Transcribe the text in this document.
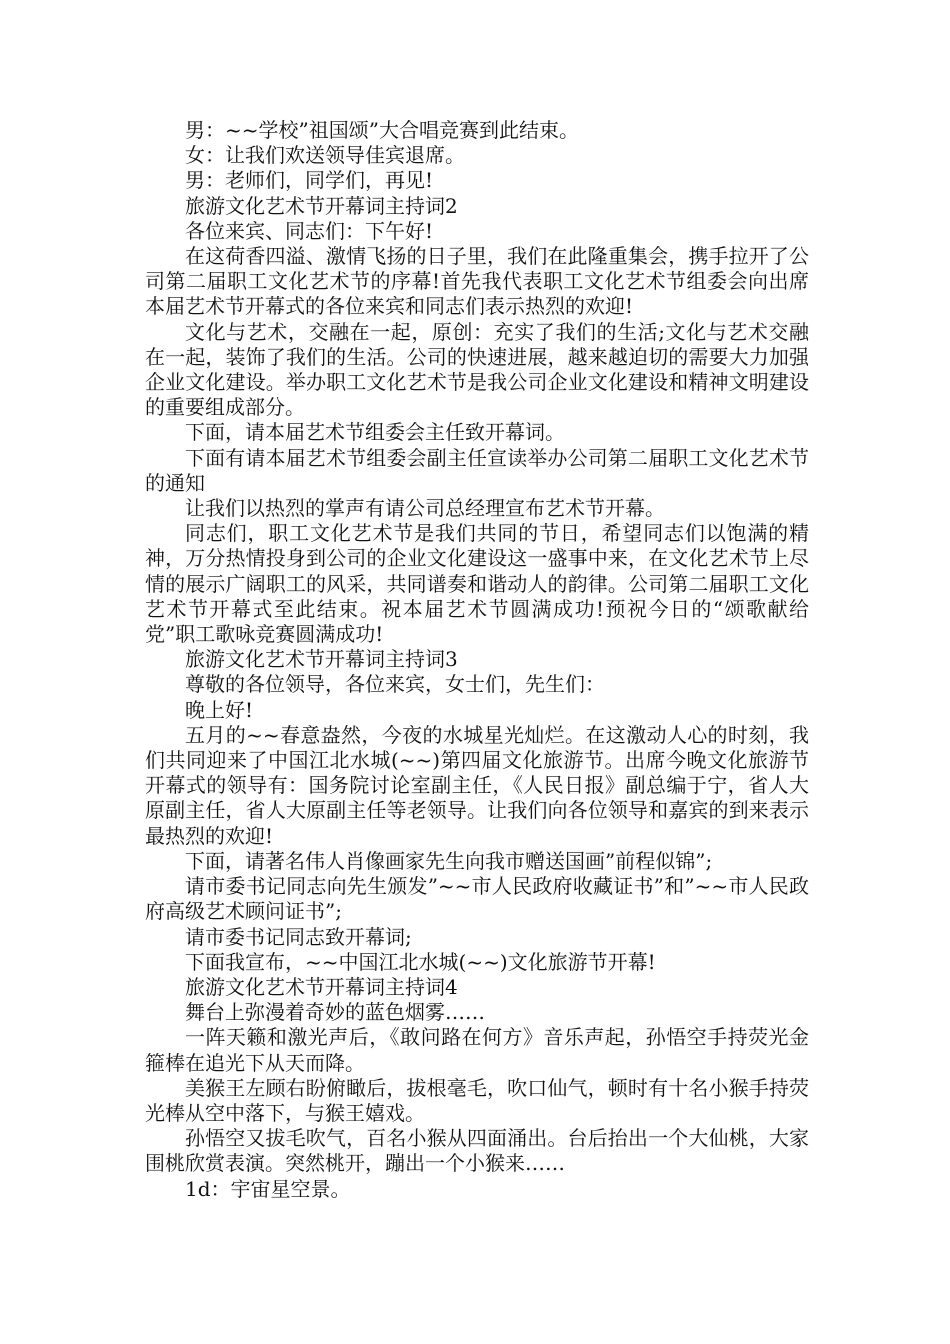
男：~~学校”祖国颂”大合唱竞赛到此结束。

女：让我们欢送领导佳宾退席。

男：老师们，同学们，再见!

旅游文化艺术节开幕词主持词2

各位来宾、同志们：下午好!

在这荷香四溢、激情飞扬的日子里，我们在此隆重集会，携手拉开了公司第二届职工文化艺术节的序幕!首先我代表职工文化艺术节组委会向出席本届艺术节开幕式的各位来宾和同志们表示热烈的欢迎!

文化与艺术，交融在一起，原创：充实了我们的生活;文化与艺术交融在一起，装饰了我们的生活。公司的快速进展，越来越迫切的需要大力加强企业文化建设。举办职工文化艺术节是我公司企业文化建设和精神文明建设的重要组成部分。

下面，请本届艺术节组委会主任致开幕词。

下面有请本届艺术节组委会副主任宣读举办公司第二届职工文化艺术节的通知

让我们以热烈的掌声有请公司总经理宣布艺术节开幕。

同志们，职工文化艺术节是我们共同的节日，希望同志们以饱满的精神，万分热情投身到公司的企业文化建设这一盛事中来，在文化艺术节上尽情的展示广阔职工的风采，共同谱奏和谐动人的韵律。公司第二届职工文化艺术节开幕式至此结束。祝本届艺术节圆满成功!预祝今日的“颂歌献给党”职工歌咏竞赛圆满成功!

旅游文化艺术节开幕词主持词3

尊敬的各位领导，各位来宾，女士们，先生们：

晚上好!

五月的~~春意盎然，今夜的水城星光灿烂。在这激动人心的时刻，我们共同迎来了中国江北水城(~~)第四届文化旅游节。出席今晚文化旅游节开幕式的领导有：国务院讨论室副主任，《人民日报》副总编于宁，省人大原副主任，省人大原副主任等老领导。让我们向各位领导和嘉宾的到来表示最热烈的欢迎!

下面，请著名伟人肖像画家先生向我市赠送国画”前程似锦”;

请市委书记同志向先生颁发”~~市人民政府收藏证书”和”~~市人民政府高级艺术顾问证书”;

请市委书记同志致开幕词;

下面我宣布，~~中国江北水城(~~)文化旅游节开幕!

旅游文化艺术节开幕词主持词4

舞台上弥漫着奇妙的蓝色烟雾……

一阵天籁和激光声后，《敢问路在何方》音乐声起，孙悟空手持荧光金箍棒在追光下从天而降。

美猴王左顾右盼俯瞰后，拔根毫毛，吹口仙气，顿时有十名小猴手持荧光棒从空中落下，与猴王嬉戏。

孙悟空又拔毛吹气，百名小猴从四面涌出。台后抬出一个大仙桃，大家围桃欣赏表演。突然桃开，蹦出一个小猴来……

1d：宇宙星空景。
